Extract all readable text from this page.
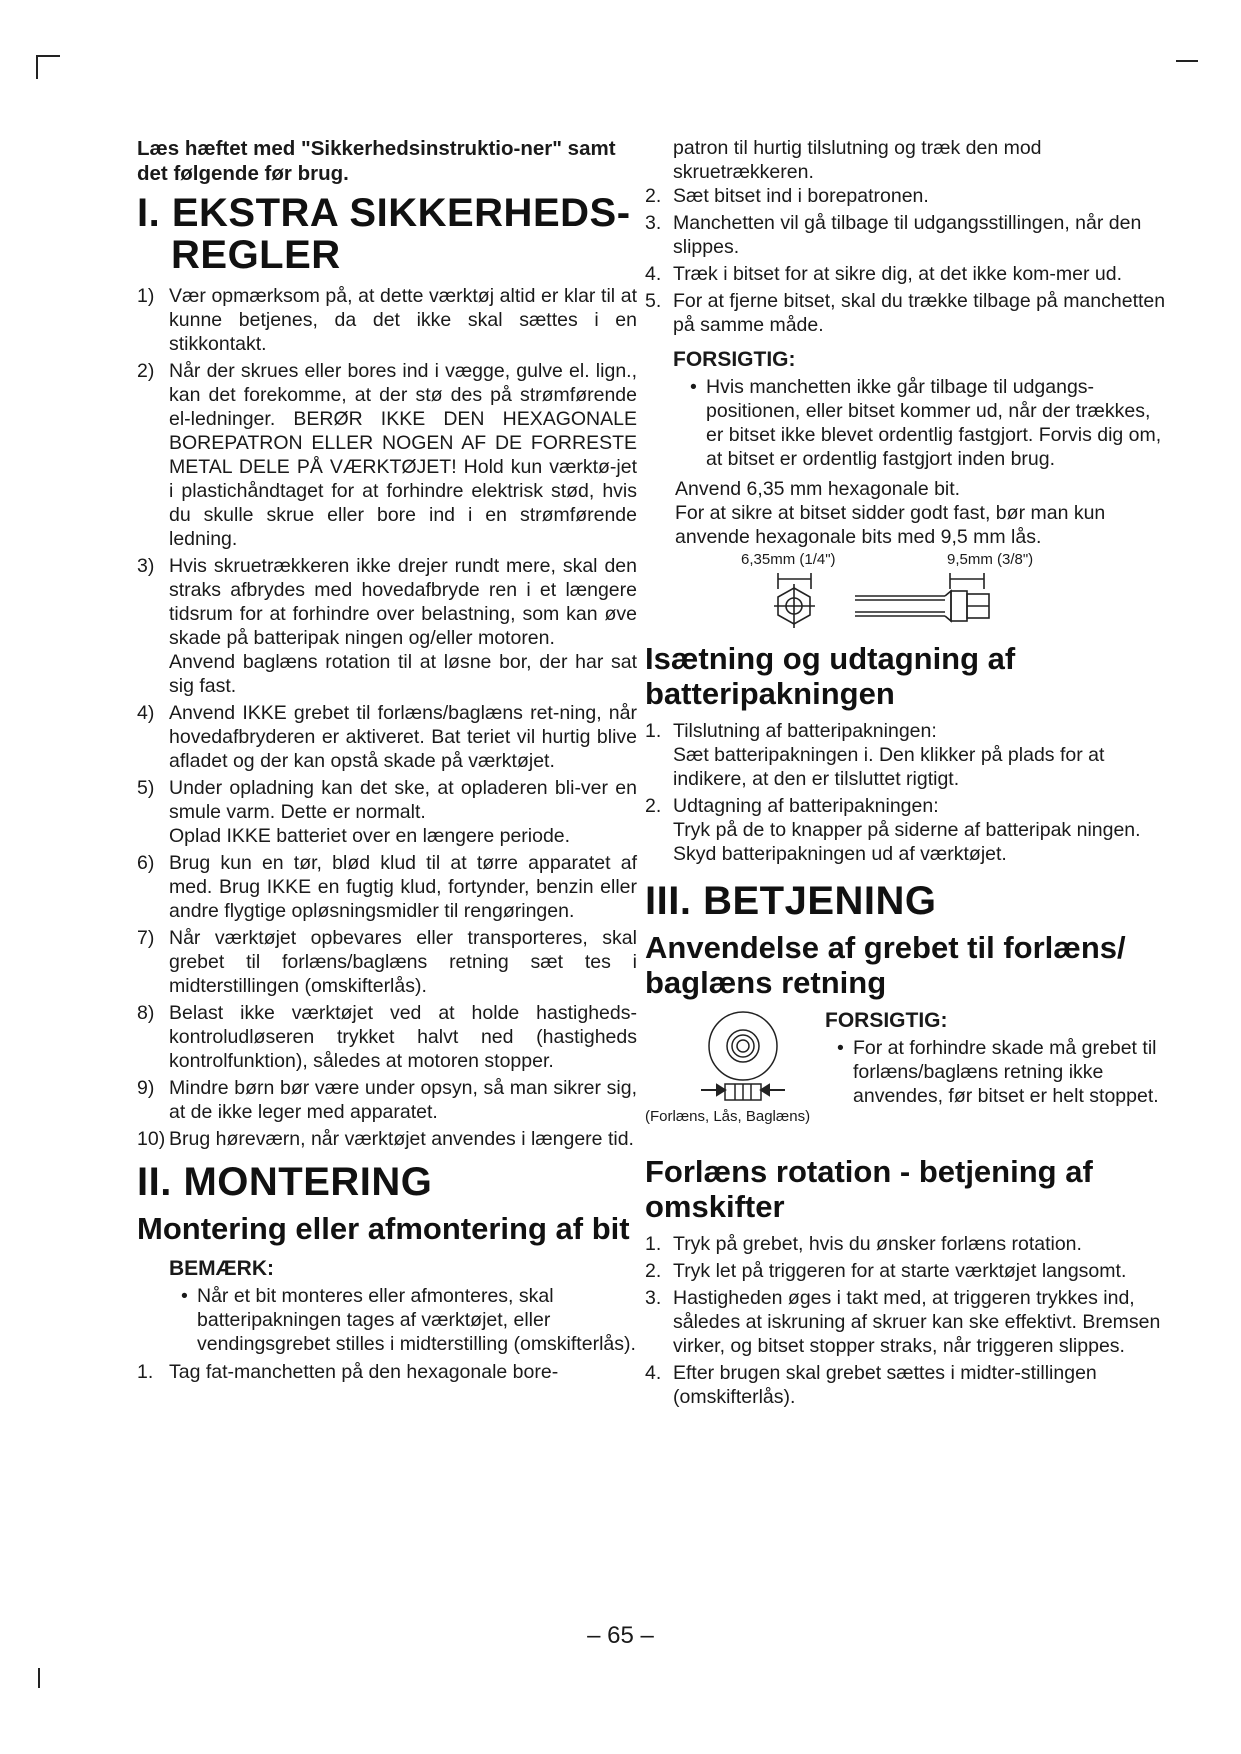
Læs hæftet med "Sikkerhedsinstruktio-ner" samt det følgende før brug.

I. EKSTRA SIKKERHEDS-
REGLER
1) Vær opmærksom på, at dette værktøj altid er klar til at kunne betjenes, da det ikke skal sættes i en stikkontakt.
2) Når der skrues eller bores ind i vægge, gulve el. lign., kan det forekomme, at der stø des på strømførende el-ledninger. BERØR IKKE DEN HEXAGONALE BOREPATRON ELLER NOGEN AF DE FORRESTE METAL DELE PÅ VÆRKTØJET! Hold kun værktø-jet i plastichåndtaget for at forhindre elektrisk stød, hvis du skulle skrue eller bore ind i en strømførende ledning.
3) Hvis skruetrækkeren ikke drejer rundt mere, skal den straks afbrydes med hovedafbryde ren i et længere tidsrum for at forhindre over belastning, som kan øve skade på batteripak ningen og/eller motoren.
Anvend baglæns rotation til at løsne bor, der har sat sig fast.
4) Anvend IKKE grebet til forlæns/baglæns ret-ning, når hovedafbryderen er aktiveret. Bat teriet vil hurtig blive afladet og der kan opstå skade på værktøjet.
5) Under opladning kan det ske, at opladeren bli-ver en smule varm. Dette er normalt.
Oplad IKKE batteriet over en længere periode.
6) Brug kun en tør, blød klud til at tørre apparatet af med. Brug IKKE en fugtig klud, fortynder, benzin eller andre flygtige opløsningsmidler til rengøringen.
7) Når værktøjet opbevares eller transporteres, skal grebet til forlæns/baglæns retning sæt tes i midterstillingen (omskifterlås).
8) Belast ikke værktøjet ved at holde hastigheds-kontroludløseren trykket halvt ned (hastigheds kontrolfunktion), således at motoren stopper.
9) Mindre børn bør være under opsyn, så man sikrer sig, at de ikke leger med apparatet.
10) Brug høreværn, når værktøjet anvendes i længere tid.
II. MONTERING
Montering eller afmontering af bit
BEMÆRK:
• Når et bit monteres eller afmonteres, skal batteripakningen tages af værktøjet, eller vendingsgrebet stilles i midterstilling (omskifterlås).
1. Tag fat-manchetten på den hexagonale bore-
patron til hurtig tilslutning og træk den mod skruetrækkeren.
2. Sæt bitset ind i borepatronen.
3. Manchetten vil gå tilbage til udgangsstillingen, når den slippes.
4. Træk i bitset for at sikre dig, at det ikke kom-mer ud.
5. For at fjerne bitset, skal du trække tilbage på manchetten på samme måde.
FORSIGTIG:
• Hvis manchetten ikke går tilbage til udgangs-positionen, eller bitset kommer ud, når der trækkes, er bitset ikke blevet ordentlig fastgjort. Forvis dig om, at bitset er ordentlig fastgjort inden brug.
Anvend 6,35 mm hexagonale bit.
For at sikre at bitset sidder godt fast, bør man kun anvende hexagonale bits med 9,5 mm lås.
6,35mm (1/4")	9,5mm (3/8")
Isætning og udtagning af batteripakningen
1. Tilslutning af batteripakningen:
Sæt batteripakningen i. Den klikker på plads for at indikere, at den er tilsluttet rigtigt.
2. Udtagning af batteripakningen:
Tryk på de to knapper på siderne af batteripak ningen. Skyd batteripakningen ud af værktøjet.
III. BETJENING
Anvendelse af grebet til forlæns/ baglæns retning
(Forlæns, Lås, Baglæns)
FORSIGTIG:
• For at forhindre skade må grebet til forlæns/baglæns retning ikke anvendes, før bitset er helt stoppet.
Forlæns rotation - betjening af omskifter
1. Tryk på grebet, hvis du ønsker forlæns rotation.
2. Tryk let på triggeren for at starte værktøjet langsomt.
3. Hastigheden øges i takt med, at triggeren trykkes ind, således at iskruning af skruer kan ske effektivt. Bremsen virker, og bitset stopper straks, når triggeren slippes.
4. Efter brugen skal grebet sættes i midter-stillingen (omskifterlås).
– 65 –
